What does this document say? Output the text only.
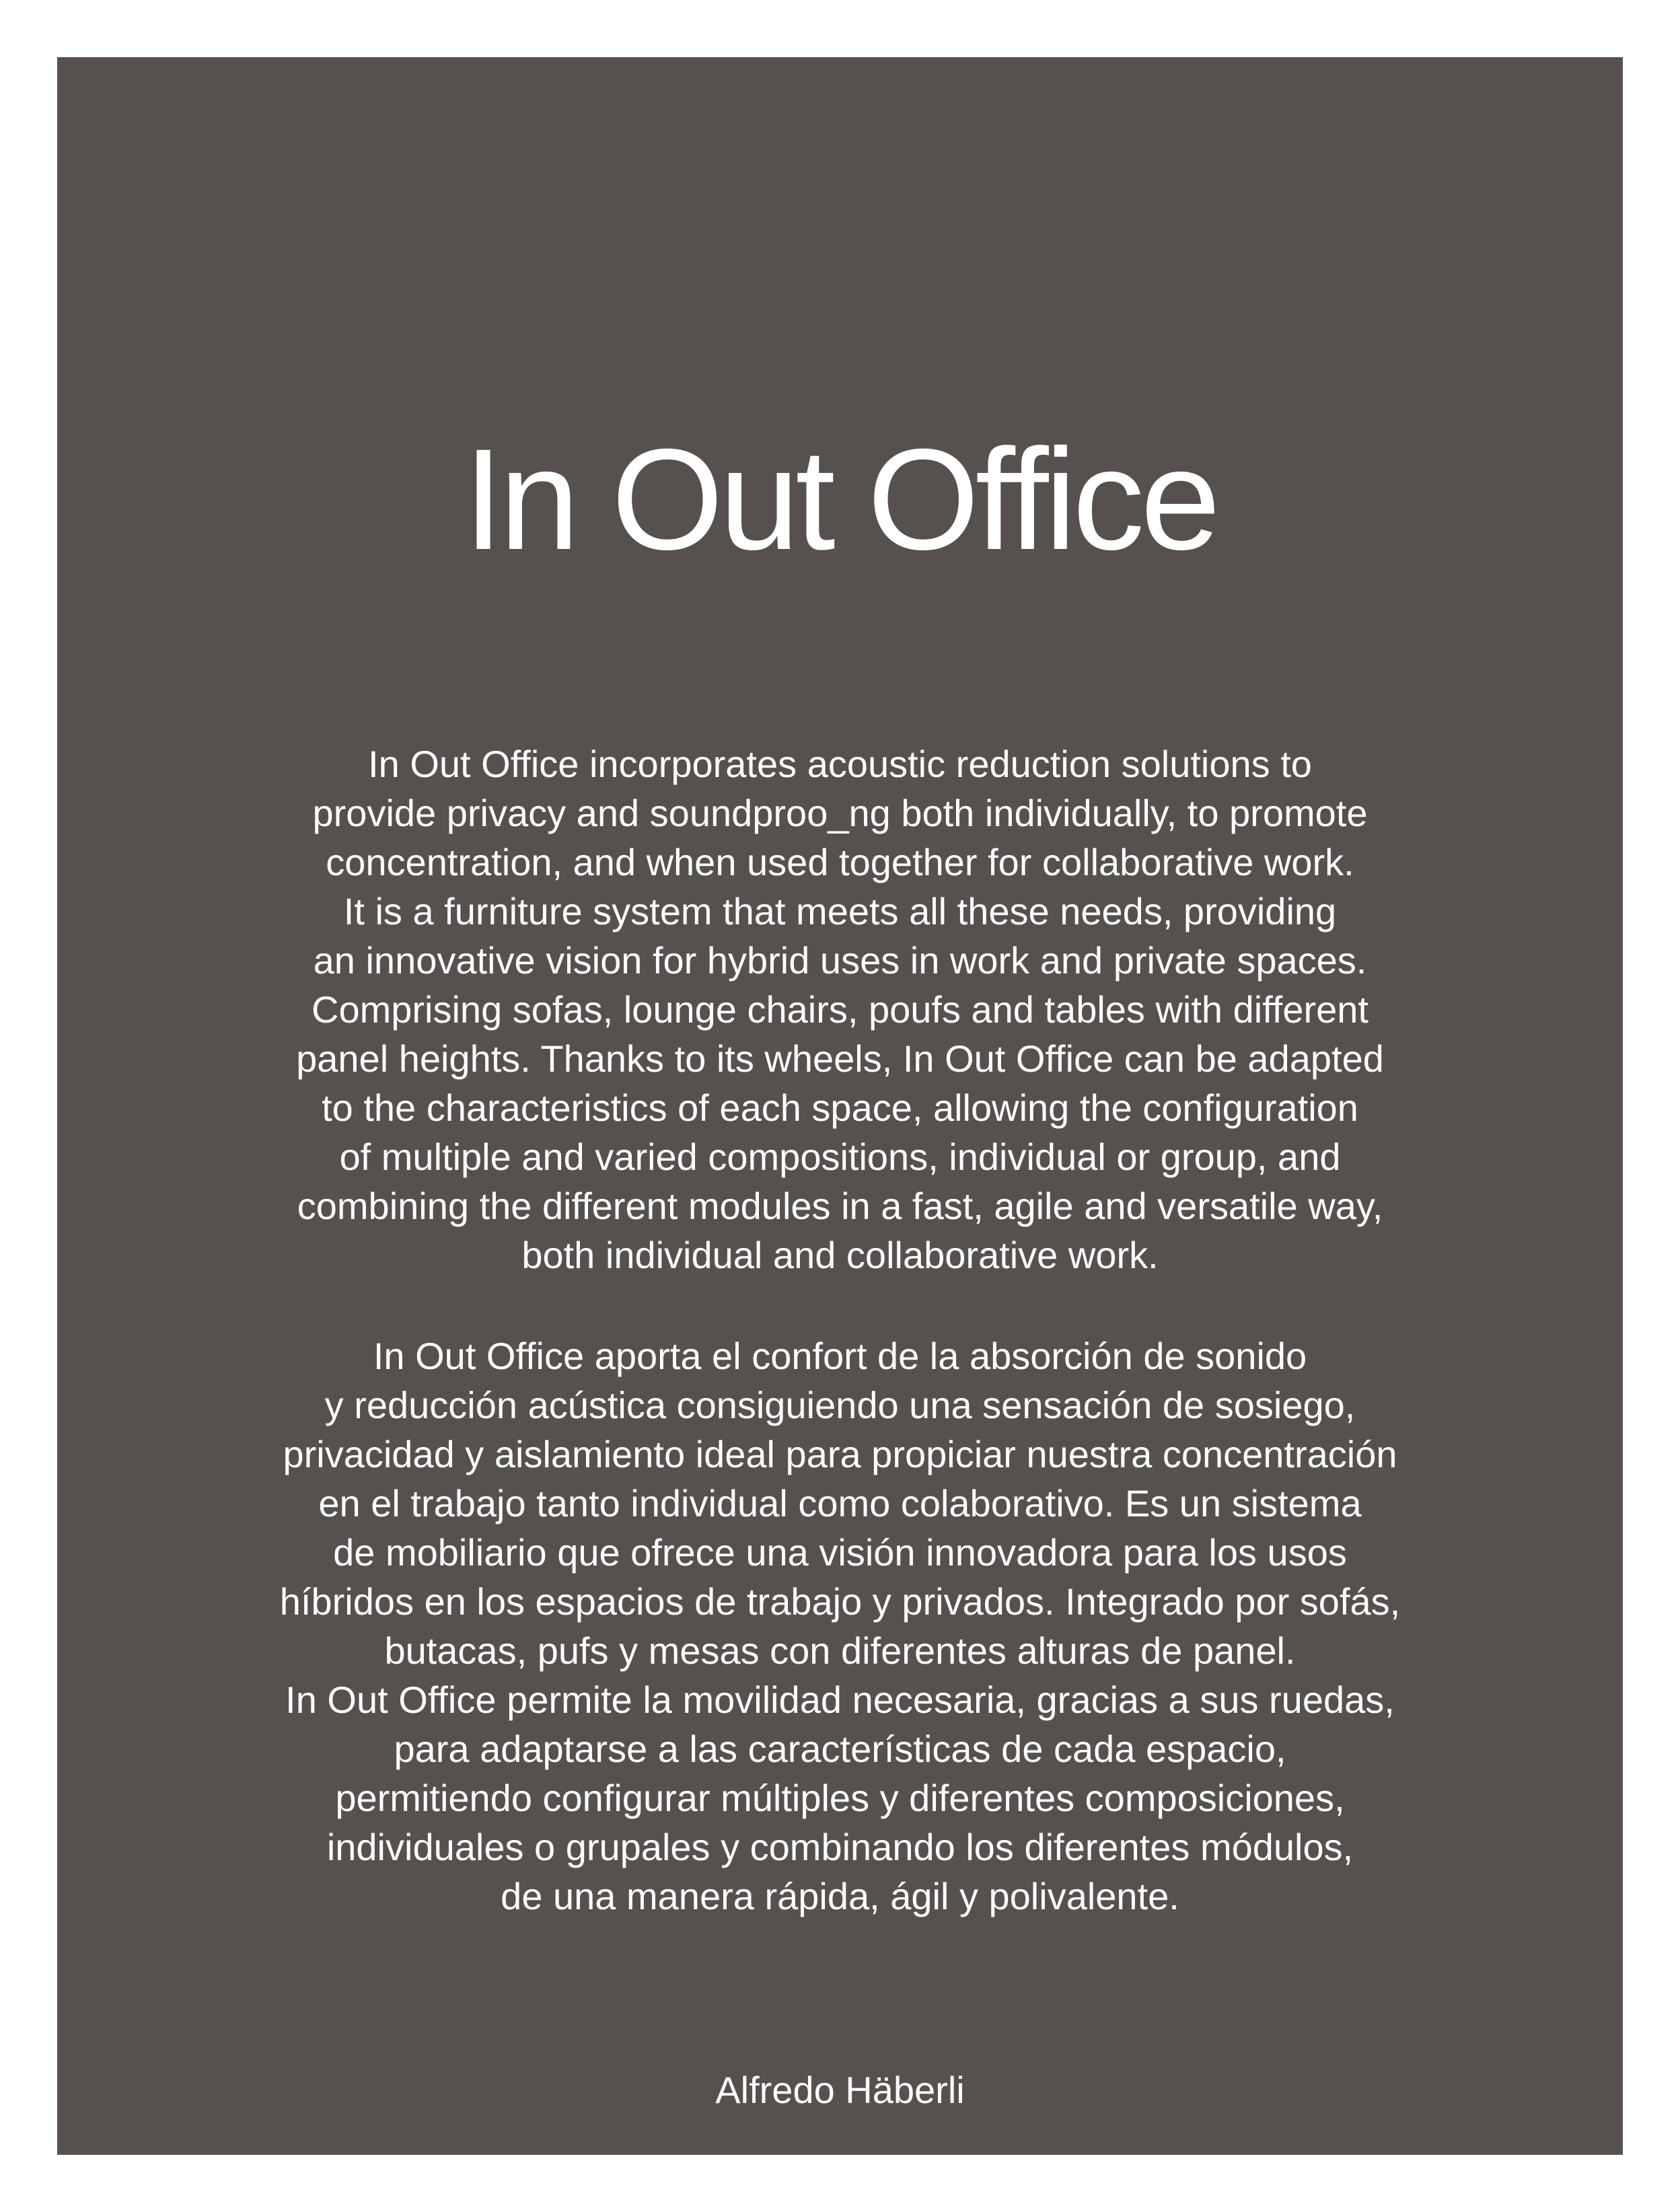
In Out Office

In Out Office incorporates acoustic reduction solutions to
provide privacy and soundproo_ng both individually, to promote
concentration, and when used together for collaborative work.
It is a furniture system that meets all these needs, providing
an innovative vision for hybrid uses in work and private spaces.
Comprising sofas, lounge chairs, poufs and tables with different
panel heights. Thanks to its wheels, In Out Office can be adapted
to the characteristics of each space, allowing the configuration
of multiple and varied compositions, individual or group, and
combining the different modules in a fast, agile and versatile way,
both individual and collaborative work.

In Out Office aporta el confort de la absorción de sonido
y reducción acústica consiguiendo una sensación de sosiego,
privacidad y aislamiento ideal para propiciar nuestra concentración
en el trabajo tanto individual como colaborativo. Es un sistema
de mobiliario que ofrece una visión innovadora para los usos
híbridos en los espacios de trabajo y privados. Integrado por sofás,
butacas, pufs y mesas con diferentes alturas de panel.
In Out Office permite la movilidad necesaria, gracias a sus ruedas,
para adaptarse a las características de cada espacio,
permitiendo configurar múltiples y diferentes composiciones,
individuales o grupales y combinando los diferentes módulos,
de una manera rápida, ágil y polivalente.

Alfredo Häberli
